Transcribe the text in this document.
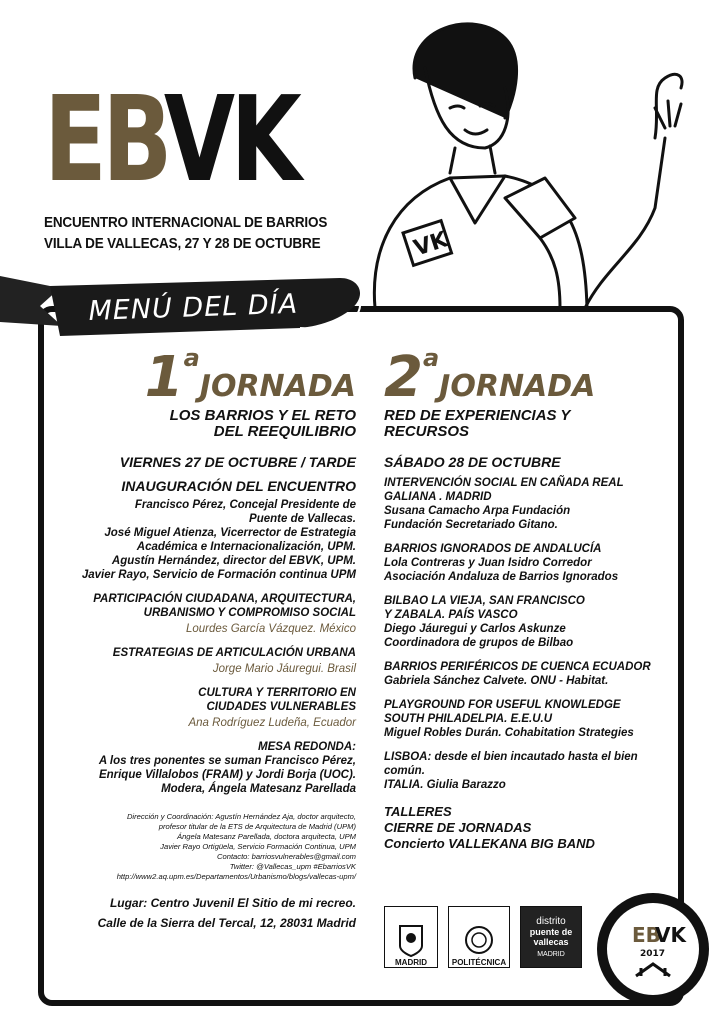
VK
EBVK
ENCUENTRO INTERNACIONAL DE BARRIOS
VILLA DE VALLECAS, 27 Y 28 DE OCTUBRE
MENÚ DEL DÍA
1aJORNADA
LOS BARRIOS Y EL RETO
DEL REEQUILIBRIO
VIERNES 27 DE OCTUBRE / TARDE
INAUGURACIÓN DEL ENCUENTRO
Francisco Pérez, Concejal Presidente de
Puente de Vallecas.
José Miguel Atienza, Vicerrector de Estrategia
Académica e Internacionalización, UPM.
Agustín Hernández, director del EBVK, UPM.
Javier Rayo, Servicio de Formación continua UPM
PARTICIPACIÓN CIUDADANA, ARQUITECTURA, URBANISMO Y COMPROMISO SOCIAL
Lourdes García Vázquez. México
ESTRATEGIAS DE ARTICULACIÓN URBANA
Jorge Mario Jáuregui. Brasil
CULTURA Y TERRITORIO EN CIUDADES VULNERABLES
Ana Rodríguez Ludeña, Ecuador
MESA REDONDA:
A los tres ponentes se suman Francisco Pérez,
Enrique Villalobos (FRAM) y Jordi Borja (UOC).
Modera, Ángela Matesanz Parellada
Dirección y Coordinación: Agustín Hernández Aja, doctor arquitecto,
profesor titular de la ETS de Arquitectura de Madrid (UPM)
Ángela Matesanz Parellada, doctora arquitecta, UPM
Javier Rayo Ortigüela, Servicio Formación Continua, UPM
Contacto: barriosvulnerables@gmail.com
Twitter: @Vallecas_upm #EbarriosVK
http://www2.aq.upm.es/Departamentos/Urbanismo/blogs/vallecas-upm/
Lugar: Centro Juvenil El Sitio de mi recreo.
Calle de la Sierra del Tercal, 12, 28031 Madrid
2aJORNADA
RED DE EXPERIENCIAS Y
RECURSOS
SÁBADO 28 DE OCTUBRE
INTERVENCIÓN SOCIAL EN CAÑADA REAL
GALIANA . MADRID
Susana Camacho Arpa Fundación
Fundación Secretariado Gitano.
BARRIOS IGNORADOS DE ANDALUCÍA
Lola Contreras y Juan Isidro Corredor
Asociación Andaluza de Barrios Ignorados
BILBAO LA VIEJA, SAN FRANCISCO
Y ZABALA. PAÍS VASCO
Diego Jáuregui y Carlos Askunze
Coordinadora de grupos de Bilbao
BARRIOS PERIFÉRICOS DE CUENCA ECUADOR
Gabriela Sánchez Calvete. ONU - Habitat.
PLAYGROUND FOR USEFUL KNOWLEDGE
SOUTH PHILADELPIA. E.E.U.U
Miguel Robles Durán. Cohabitation Strategies
LISBOA: desde el bien incautado hasta el bien común.
ITALIA. Giulia Barazzo
TALLERES
CIERRE DE JORNADAS
Concierto VALLEKANA BIG BAND
MADRID	POLITÉCNICA
distrito
puente de
vallecas
MADRID
EB
VK
2017
